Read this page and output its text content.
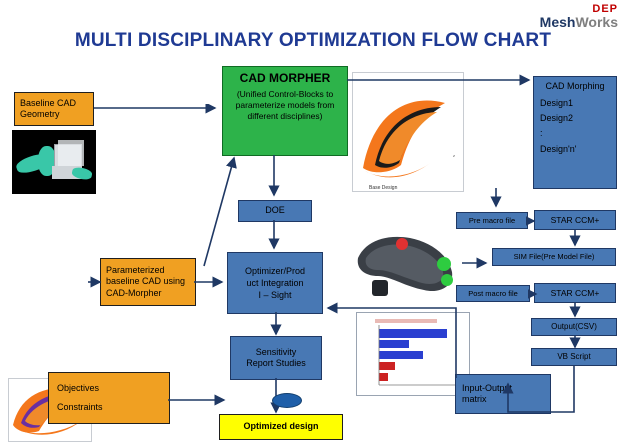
DEP
MeshWorks
MULTI DISCIPLINARY OPTIMIZATION FLOW CHART
CAD MORPHER
(Unified Control-Blocks to parameterize models from different disciplines)
Baseline CAD
Geometry
Base Design
z
CAD Morphing
Design1
Design2
:
Design'n'
Parameterized baseline CAD using CAD-Morpher
DOE
Optimizer/Prod
uct Integration
I – Sight
Sensitivity
Report Studies
Objectives
Constraints
Optimized design
Pre macro file	STAR CCM+
SIM File(Pre Model File)
Post macro file	STAR CCM+
Output(CSV)
VB Script
Input-Output
matrix
